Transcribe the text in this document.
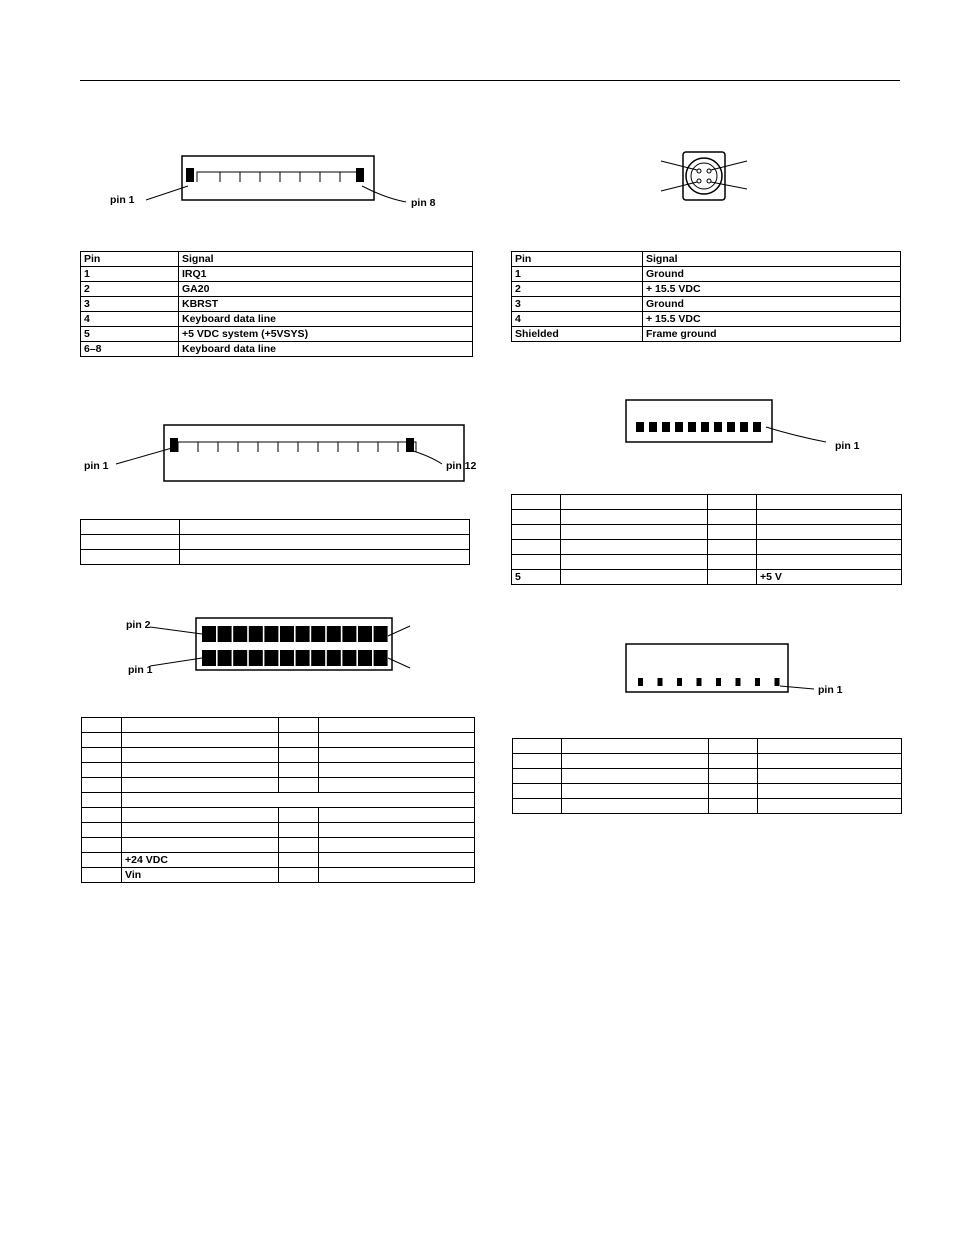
pin 1	pin 8
Pin	Signal
1	IRQ1
2	GA20
3	KBRST
4	Keyboard data line
5	+5 VDC system (+5VSYS)
6–8	Keyboard data line
Pin	Signal
1	Ground
2	+ 15.5 VDC
3	Ground
4	+ 15.5 VDC
Shielded	Frame ground
pin 1	pin 12

pin 1

5			+5 V
pin 2
pin 1

	+24 VDC		
	Vin		
pin 1
